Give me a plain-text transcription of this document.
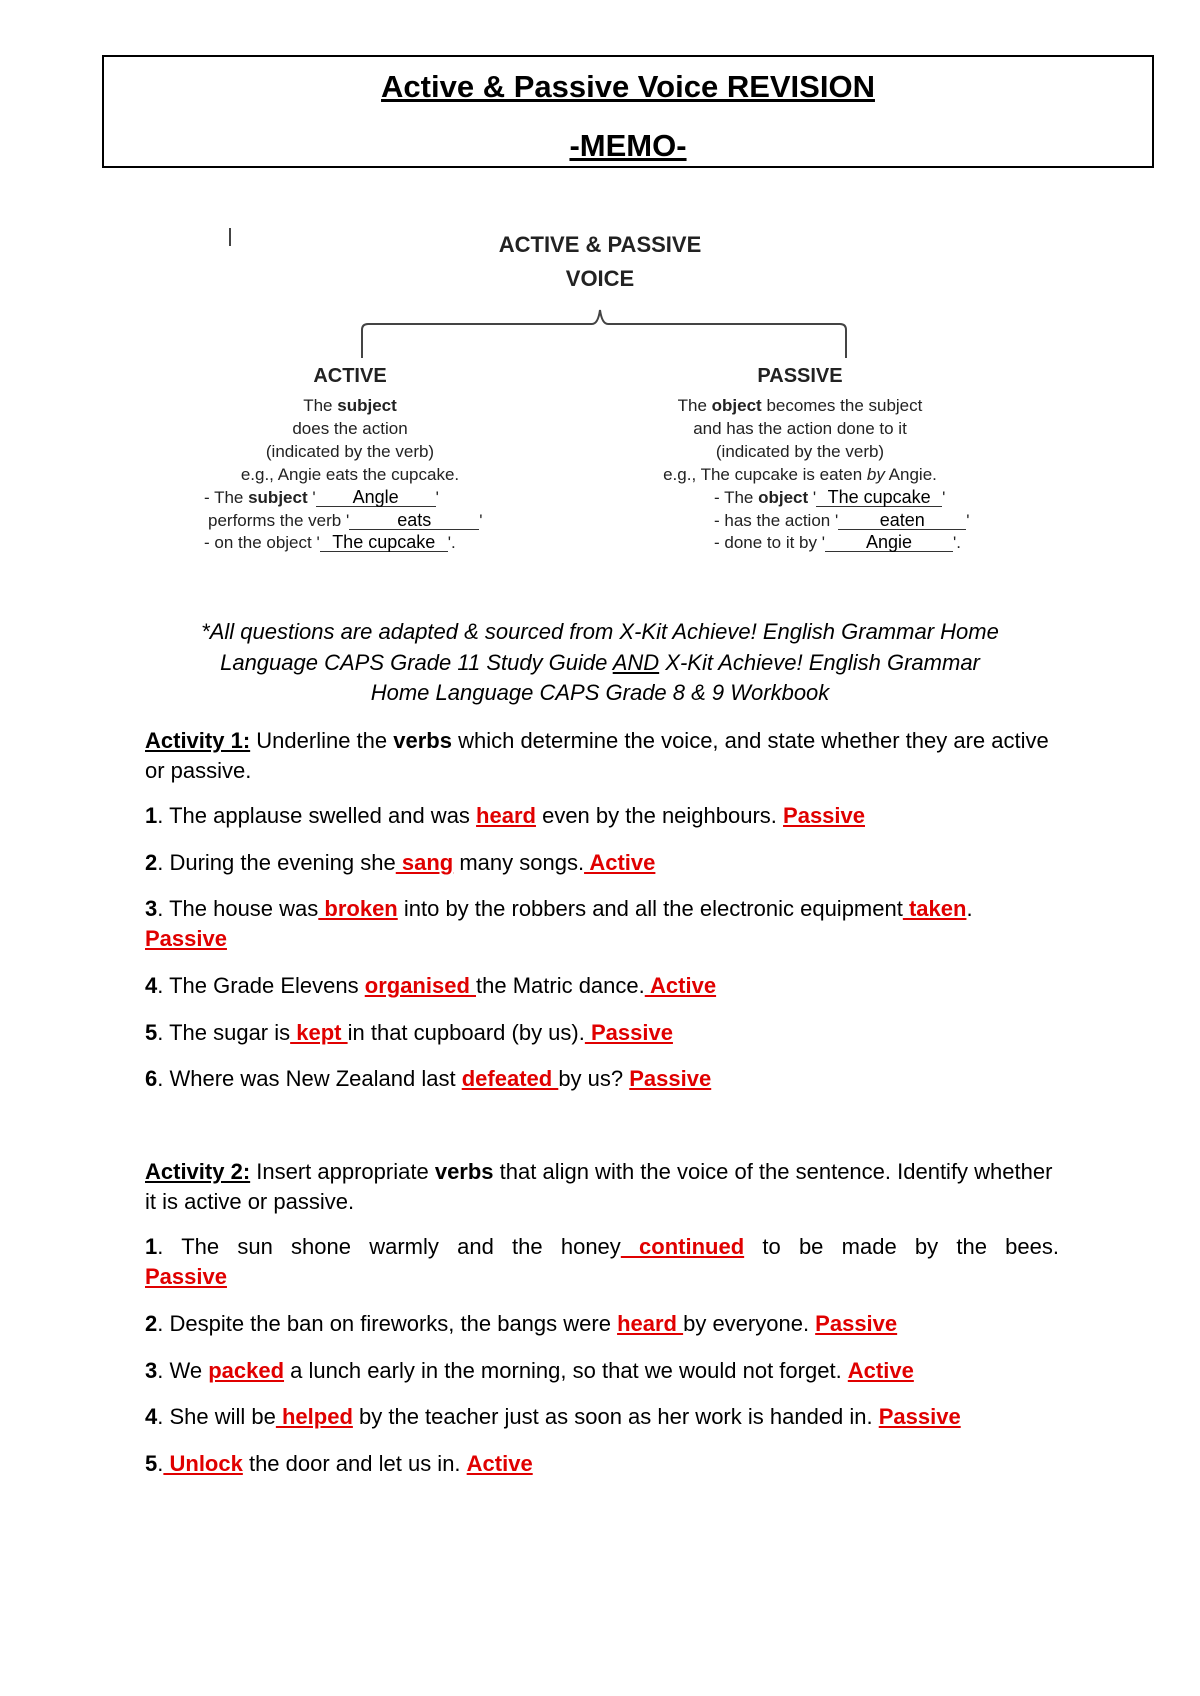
Active & Passive Voice REVISION
-MEMO-
ACTIVE & PASSIVE
VOICE
ACTIVE
The subject
does the action
(indicated by the verb)
e.g., Angie eats the cupcake.
- The subject ' Angle '
performs the verb '	eats	'
- on the object ' The cupcake '.
PASSIVE
The object becomes the subject
and has the action done to it
(indicated by the verb)
e.g., The cupcake is eaten by Angie.
- The object ' The cupcake '
- has the action ' eaten '
- done to it by ' Angie '.
*All questions are adapted & sourced from X-Kit Achieve! English Grammar Home
Language CAPS Grade 11 Study Guide AND X-Kit Achieve! English Grammar
Home Language CAPS Grade 8 & 9 Workbook
Activity 1: Underline the verbs which determine the voice, and state whether they are active or passive.
1. The applause swelled and was heard even by the neighbours. Passive
2. During the evening she sang many songs. Active
3. The house was broken into by the robbers and all the electronic equipment taken. Passive
4. The Grade Elevens organised the Matric dance. Active
5. The sugar is kept in that cupboard (by us). Passive
6. Where was New Zealand last defeated by us? Passive
Activity 2: Insert appropriate verbs that align with the voice of the sentence. Identify whether it is active or passive.
1. The sun shone warmly and the honey continued to be made by the bees.
Passive
2. Despite the ban on fireworks, the bangs were heard by everyone. Passive
3. We packed a lunch early in the morning, so that we would not forget. Active
4. She will be helped by the teacher just as soon as her work is handed in. Passive
5. Unlock the door and let us in. Active
